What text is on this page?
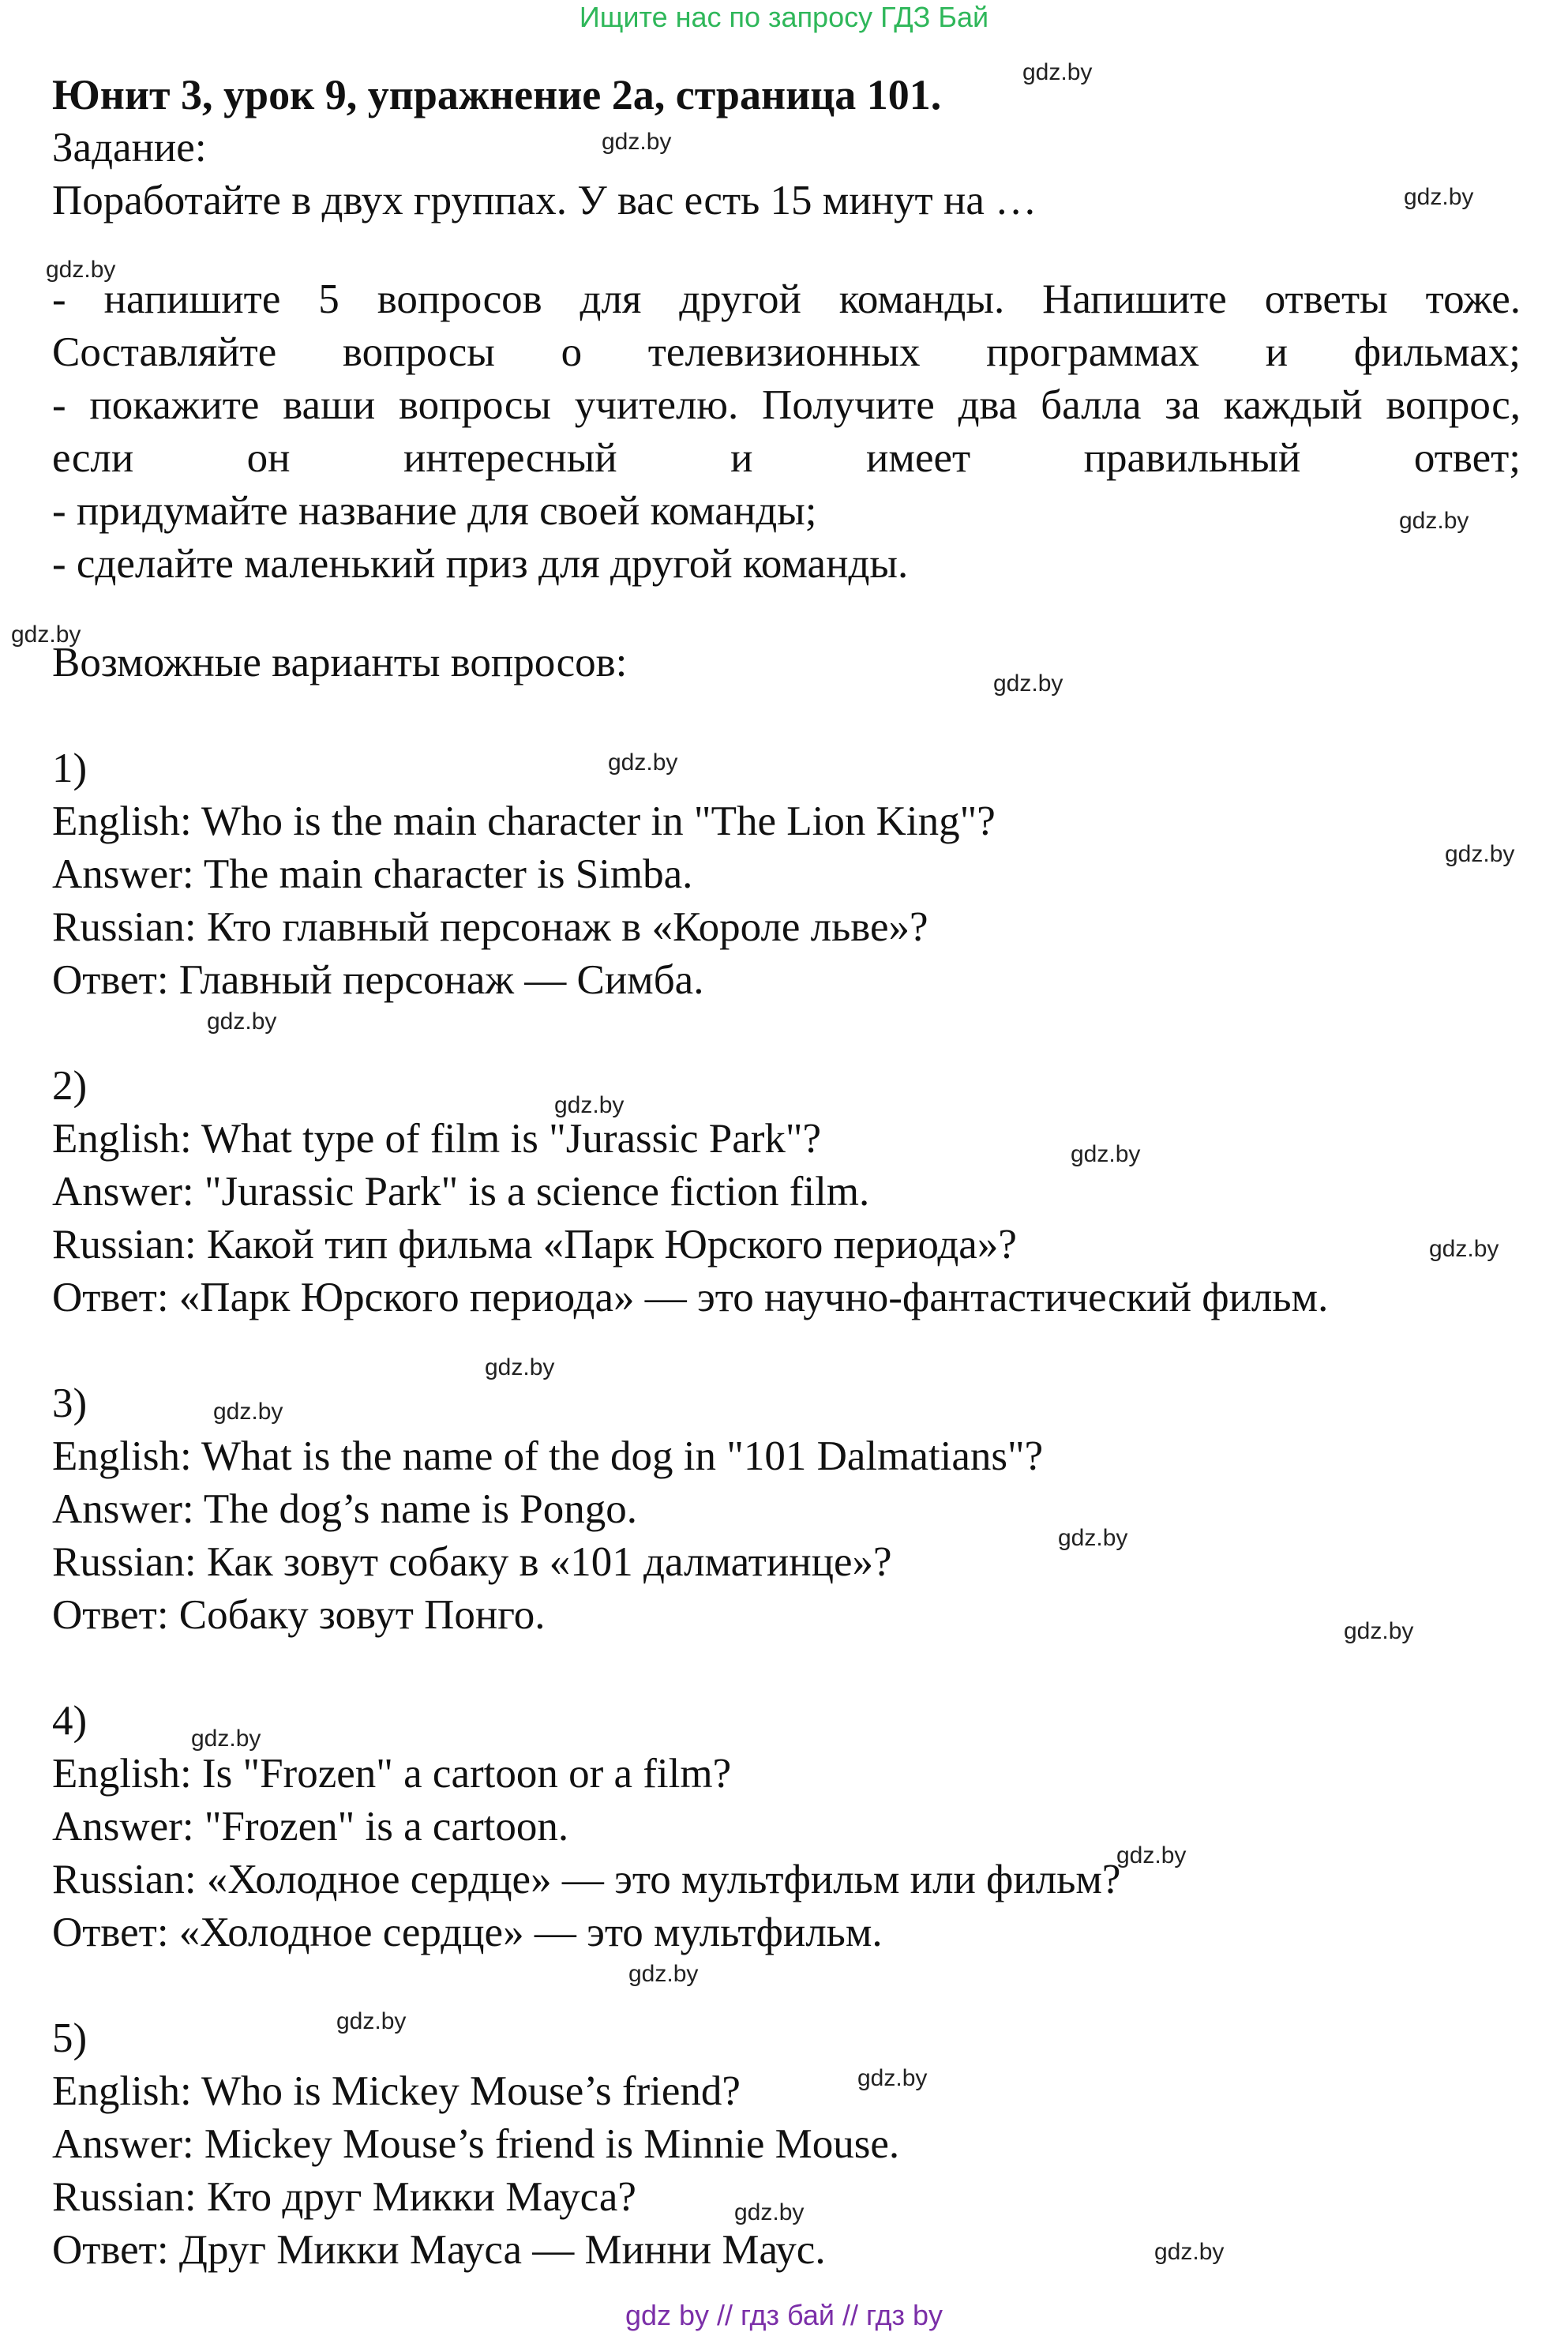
Ищите нас по запросу ГДЗ Бай
Юнит 3, урок 9, упражнение 2а, страница 101.
Задание:
Поработайте в двух группах. У вас есть 15 минут на …
- напишите 5 вопросов для другой команды. Напишите ответы тоже.
Составляйте вопросы о телевизионных программах и фильмах;
- покажите ваши вопросы учителю. Получите два балла за каждый вопрос,
если он интересный и имеет правильный ответ;
- придумайте название для своей команды;
- сделайте маленький приз для другой команды.
Возможные варианты вопросов:
1)
English: Who is the main character in "The Lion King"?
Answer: The main character is Simba.
Russian: Кто главный персонаж в «Короле льве»?
Ответ: Главный персонаж — Симба.
2)
English: What type of film is "Jurassic Park"?
Answer: "Jurassic Park" is a science fiction film.
Russian: Какой тип фильма «Парк Юрского периода»?
Ответ: «Парк Юрского периода» — это научно-фантастический фильм.
3)
English: What is the name of the dog in "101 Dalmatians"?
Answer: The dog’s name is Pongo.
Russian: Как зовут собаку в «101 далматинце»?
Ответ: Собаку зовут Понго.
4)
English: Is "Frozen" a cartoon or a film?
Answer: "Frozen" is a cartoon.
Russian: «Холодное сердце» — это мультфильм или фильм?
Ответ: «Холодное сердце» — это мультфильм.
5)
English: Who is Mickey Mouse’s friend?
Answer: Mickey Mouse’s friend is Minnie Mouse.
Russian: Кто друг Микки Мауса?
Ответ: Друг Микки Мауса — Минни Маус.
gdz.by
gdz.by
gdz.by
gdz.by
gdz.by
gdz.by
gdz.by
gdz.by
gdz.by
gdz.by
gdz.by
gdz.by
gdz.by
gdz.by
gdz.by
gdz.by
gdz.by
gdz.by
gdz.by
gdz.by
gdz.by
gdz.by
gdz.by
gdz.by
gdz by // гдз бай // гдз by
